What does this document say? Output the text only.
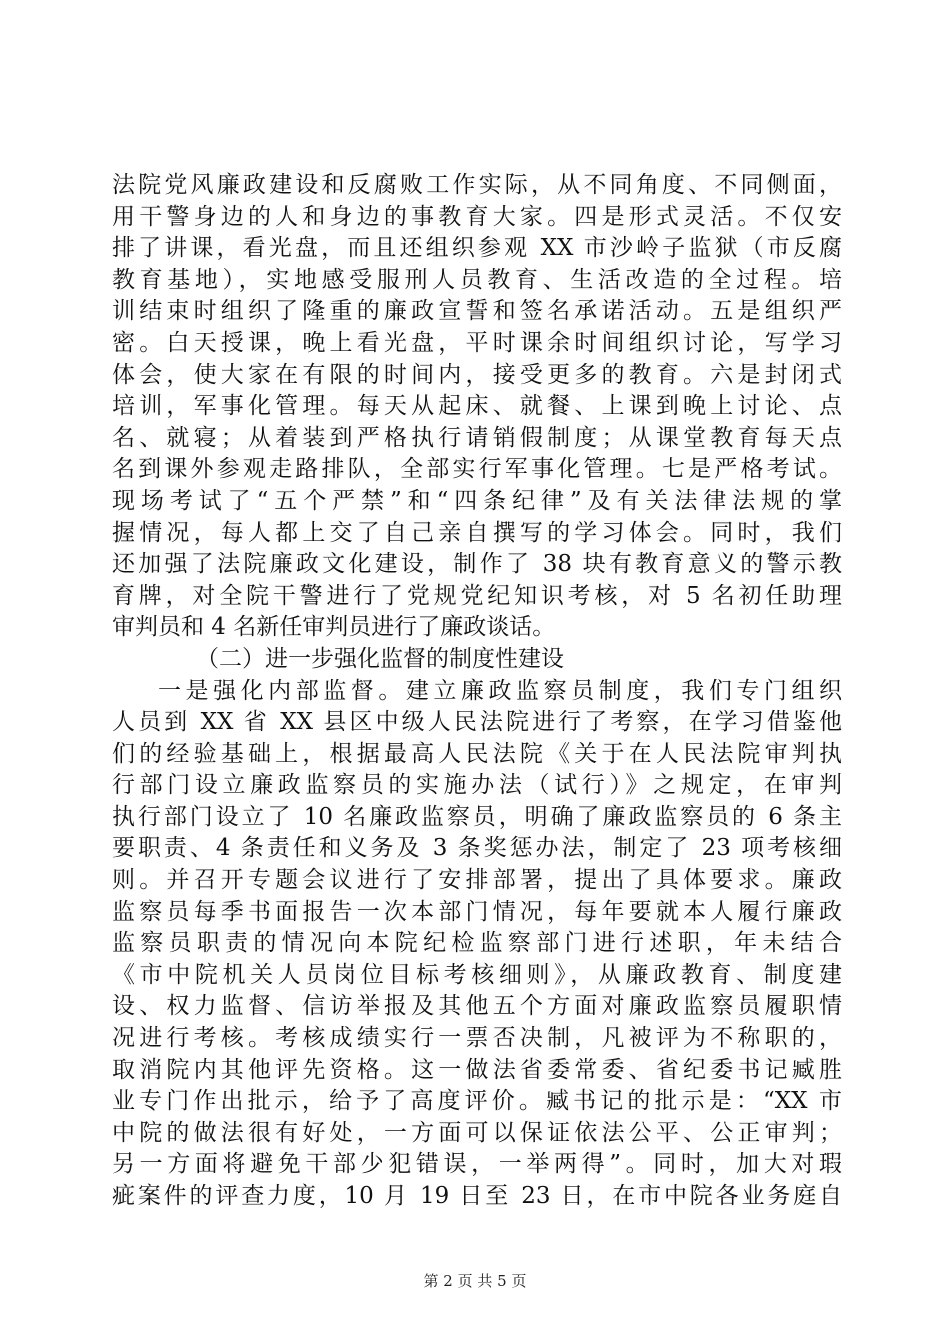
法院党风廉政建设和反腐败工作实际，从不同角度、不同侧面，
用干警身边的人和身边的事教育大家。四是形式灵活。不仅安
排了讲课，看光盘，而且还组织参观 XX 市沙岭子监狱（市反腐
教育基地），实地感受服刑人员教育、生活改造的全过程。培
训结束时组织了隆重的廉政宣誓和签名承诺活动。五是组织严
密。白天授课，晚上看光盘，平时课余时间组织讨论，写学习
体会，使大家在有限的时间内，接受更多的教育。六是封闭式
培训，军事化管理。每天从起床、就餐、上课到晚上讨论、点
名、就寝；从着装到严格执行请销假制度；从课堂教育每天点
名到课外参观走路排队，全部实行军事化管理。七是严格考试。
现场考试了“五个严禁”和“四条纪律”及有关法律法规的掌
握情况，每人都上交了自己亲自撰写的学习体会。同时，我们
还加强了法院廉政文化建设，制作了 38 块有教育意义的警示教
育牌，对全院干警进行了党规党纪知识考核，对 5 名初任助理
审判员和 4 名新任审判员进行了廉政谈话。
（二）进一步强化监督的制度性建设
一是强化内部监督。建立廉政监察员制度，我们专门组织
人员到 XX 省 XX 县区中级人民法院进行了考察，在学习借鉴他
们的经验基础上，根据最高人民法院《关于在人民法院审判执
行部门设立廉政监察员的实施办法（试行）》之规定，在审判
执行部门设立了 10 名廉政监察员，明确了廉政监察员的 6 条主
要职责、4 条责任和义务及 3 条奖惩办法，制定了 23 项考核细
则。并召开专题会议进行了安排部署，提出了具体要求。廉政
监察员每季书面报告一次本部门情况，每年要就本人履行廉政
监察员职责的情况向本院纪检监察部门进行述职，年未结合
《市中院机关人员岗位目标考核细则》，从廉政教育、制度建
设、权力监督、信访举报及其他五个方面对廉政监察员履职情
况进行考核。考核成绩实行一票否决制，凡被评为不称职的，
取消院内其他评先资格。这一做法省委常委、省纪委书记臧胜
业专门作出批示，给予了高度评价。臧书记的批示是：“XX 市
中院的做法很有好处，一方面可以保证依法公平、公正审判；
另一方面将避免干部少犯错误，一举两得”。同时，加大对瑕
疵案件的评查力度，10 月 19 日至 23 日，在市中院各业务庭自
第 2 页 共 5 页
